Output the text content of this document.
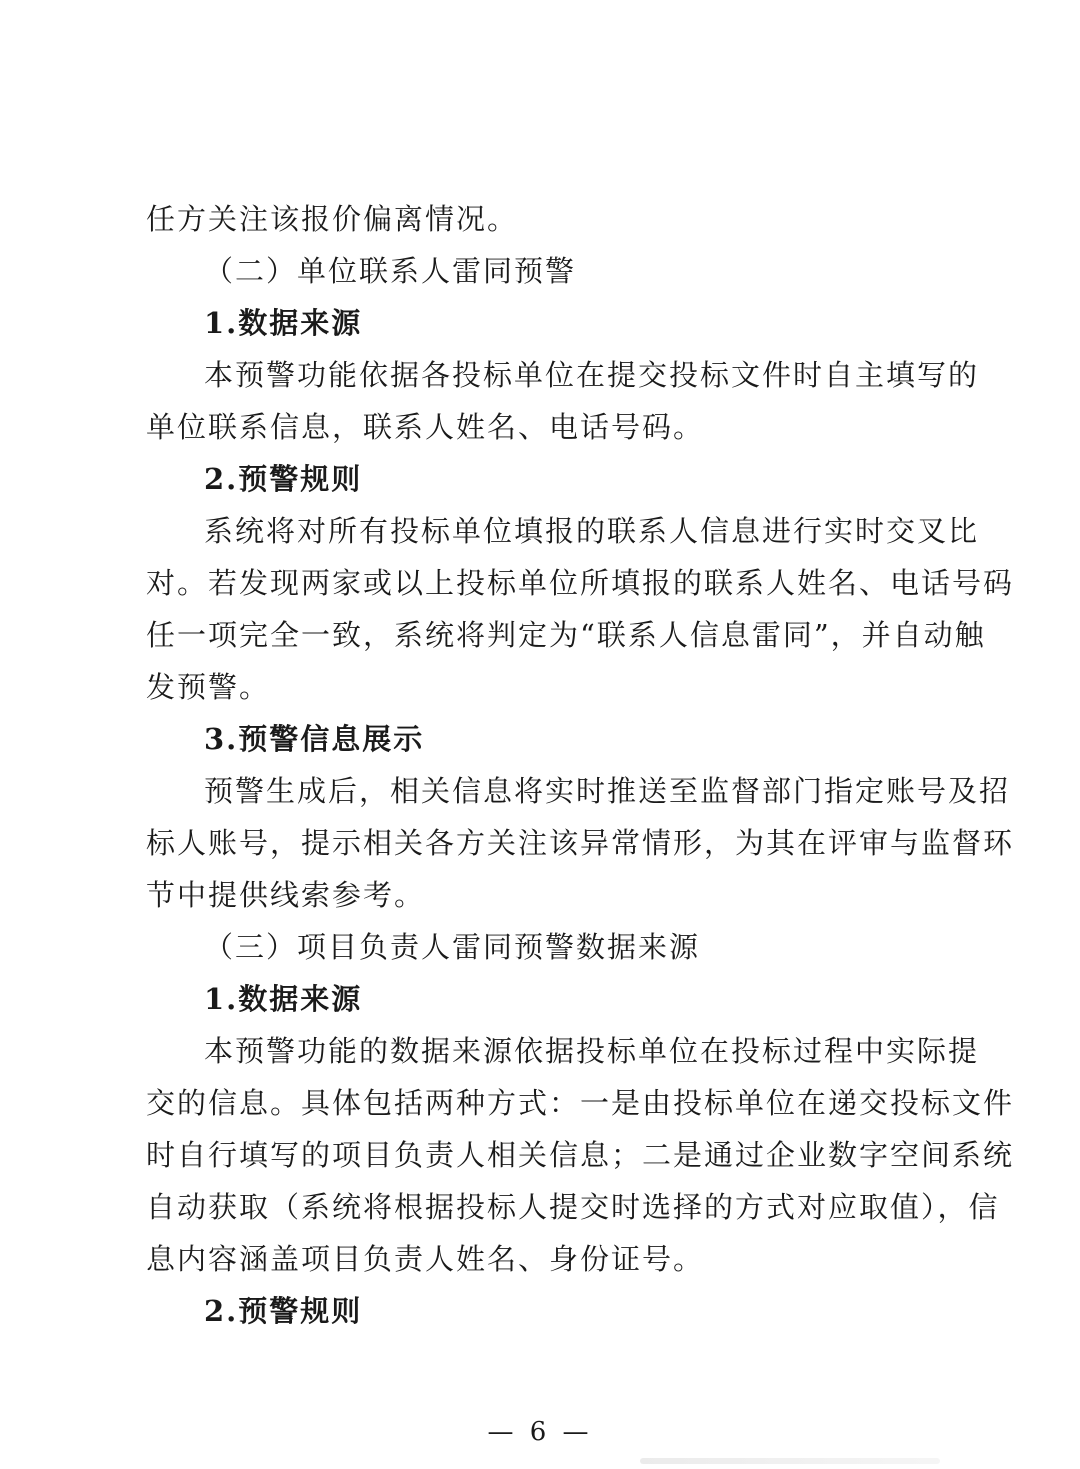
任方关注该报价偏离情况。
（二）单位联系人雷同预警
1.数据来源
本预警功能依据各投标单位在提交投标文件时自主填写的
单位联系信息，联系人姓名、电话号码。
2.预警规则
系统将对所有投标单位填报的联系人信息进行实时交叉比
对。若发现两家或以上投标单位所填报的联系人姓名、电话号码
任一项完全一致，系统将判定为“联系人信息雷同”，并自动触
发预警。
3.预警信息展示
预警生成后，相关信息将实时推送至监督部门指定账号及招
标人账号，提示相关各方关注该异常情形，为其在评审与监督环
节中提供线索参考。
（三）项目负责人雷同预警数据来源
1.数据来源
本预警功能的数据来源依据投标单位在投标过程中实际提
交的信息。具体包括两种方式：一是由投标单位在递交投标文件
时自行填写的项目负责人相关信息；二是通过企业数字空间系统
自动获取（系统将根据投标人提交时选择的方式对应取值），信
息内容涵盖项目负责人姓名、身份证号。
2.预警规则
— 6 —
